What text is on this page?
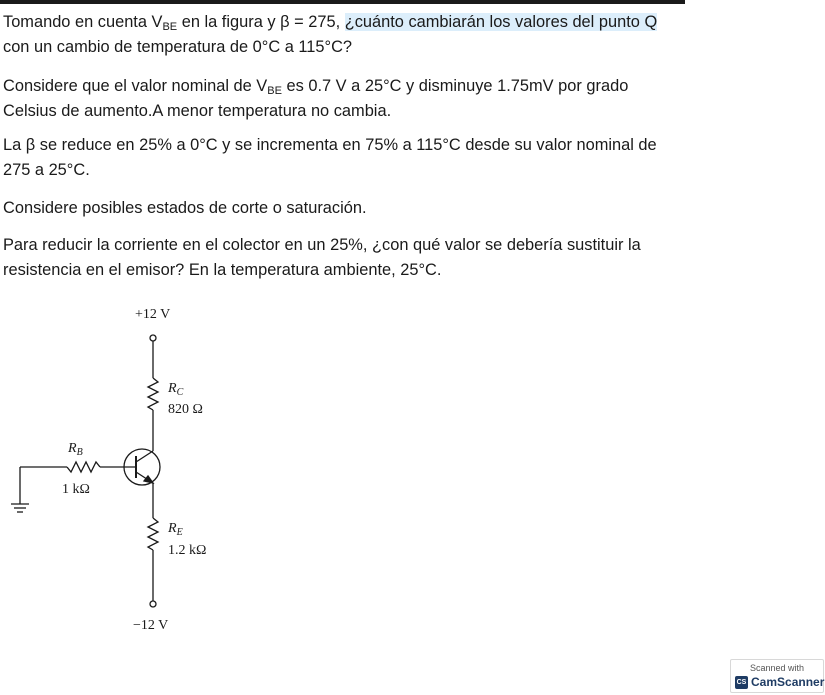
Tomando en cuenta $V_{BE}$ en la figura y β = 275, ¿cuánto cambiarán los valores del punto Q con un cambio de temperatura de 0°C a 115°C?

Considere que el valor nominal de $V_{BE}$ es 0.7 V a 25°C y disminuye 1.75mV por grado Celsius de aumento.A menor temperatura no cambia.

La β se reduce en 25% a 0°C y se incrementa en 75% a 115°C desde su valor nominal de 275 a 25°C.

Considere posibles estados de corte o saturación.

Para reducir la corriente en el colector en un 25%, ¿con qué valor se debería sustituir la resistencia en el emisor? En la temperatura ambiente, 25°C.

+12 V
$R_C$
820 Ω
$R_B$
1 kΩ
$R_E$
1.2 kΩ
−12 V
Scanned with
CS CamScanner
